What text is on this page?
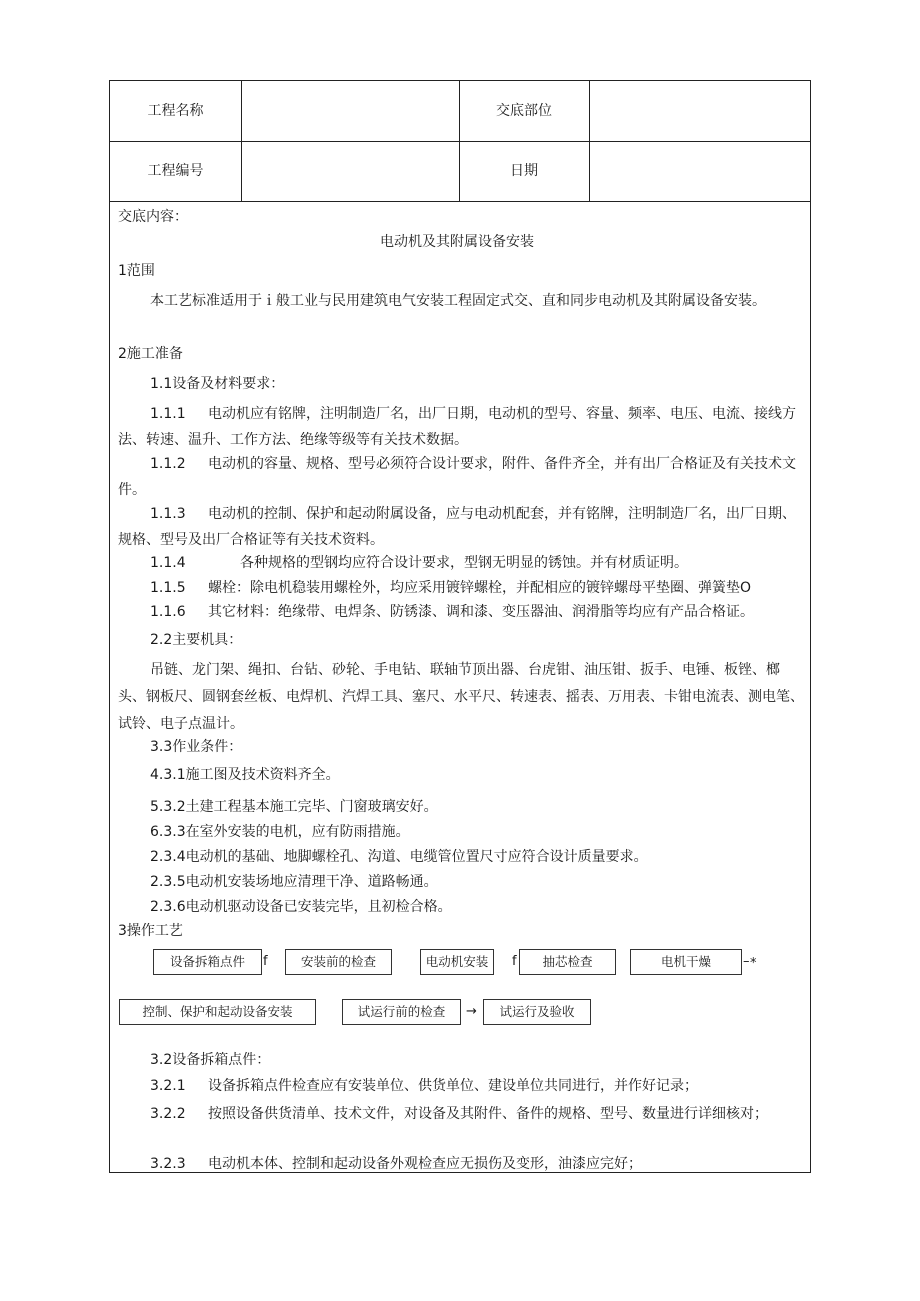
工程名称	交底部位
工程编号	日期
交底内容：
电动机及其附属设备安装
1范围
本工艺标准适用于ｉ般工业与民用建筑电气安装工程固定式交、直和同步电动机及其附属设备安装。
2施工准备
1.1设备及材料要求：
1.1.1	电动机应有铭牌，注明制造厂名，出厂日期，电动机的型号、容量、频率、电压、电流、接线方法、转速、温升、工作方法、绝缘等级等有关技术数据。
1.1.2	电动机的容量、规格、型号必须符合设计要求，附件、备件齐全，并有出厂合格证及有关技术文件。
1.1.3	电动机的控制、保护和起动附属设备，应与电动机配套，并有铭牌，注明制造厂名，出厂日期、规格、型号及出厂合格证等有关技术资料。
1.1.4	各种规格的型钢均应符合设计要求，型钢无明显的锈蚀。并有材质证明。
1.1.5 螺栓：除电机稳装用螺栓外，均应采用镀锌螺栓，并配相应的镀锌螺母平垫圈、弹簧垫O
1.1.6 其它材料：绝缘带、电焊条、防锈漆、调和漆、变压器油、润滑脂等均应有产品合格证。
2.2主要机具：
吊链、龙门架、绳扣、台钻、砂轮、手电钻、联轴节顶出器、台虎钳、油压钳、扳手、电锤、板锉、榔头、钢板尺、圆钢套丝板、电焊机、汽焊工具、塞尺、水平尺、转速表、摇表、万用表、卡钳电流表、测电笔、试铃、电子点温计。
3.3作业条件：
4.3.1施工图及技术资料齐全。
5.3.2土建工程基本施工完毕、门窗玻璃安好。
6.3.3在室外安装的电机，应有防雨措施。
2.3.4电动机的基础、地脚螺栓孔、沟道、电缆管位置尺寸应符合设计质量要求。
2.3.5电动机安装场地应清理干净、道路畅通。
2.3.6电动机驱动设备已安装完毕，且初检合格。
3操作工艺
设备拆箱点件	f	安装前的检查	电动机安装	f	抽芯检查	电机干燥	– *
控制、保护和起动设备安装	试运行前的检查	→	试运行及验收
3.2设备拆箱点件：
3.2.1 设备拆箱点件检查应有安装单位、供货单位、建设单位共同进行，并作好记录；
3.2.2	按照设备供货清单、技术文件，对设备及其附件、备件的规格、型号、数量进行详细核对；
3.2.3 电动机本体、控制和起动设备外观检查应无损伤及变形，油漆应完好；
